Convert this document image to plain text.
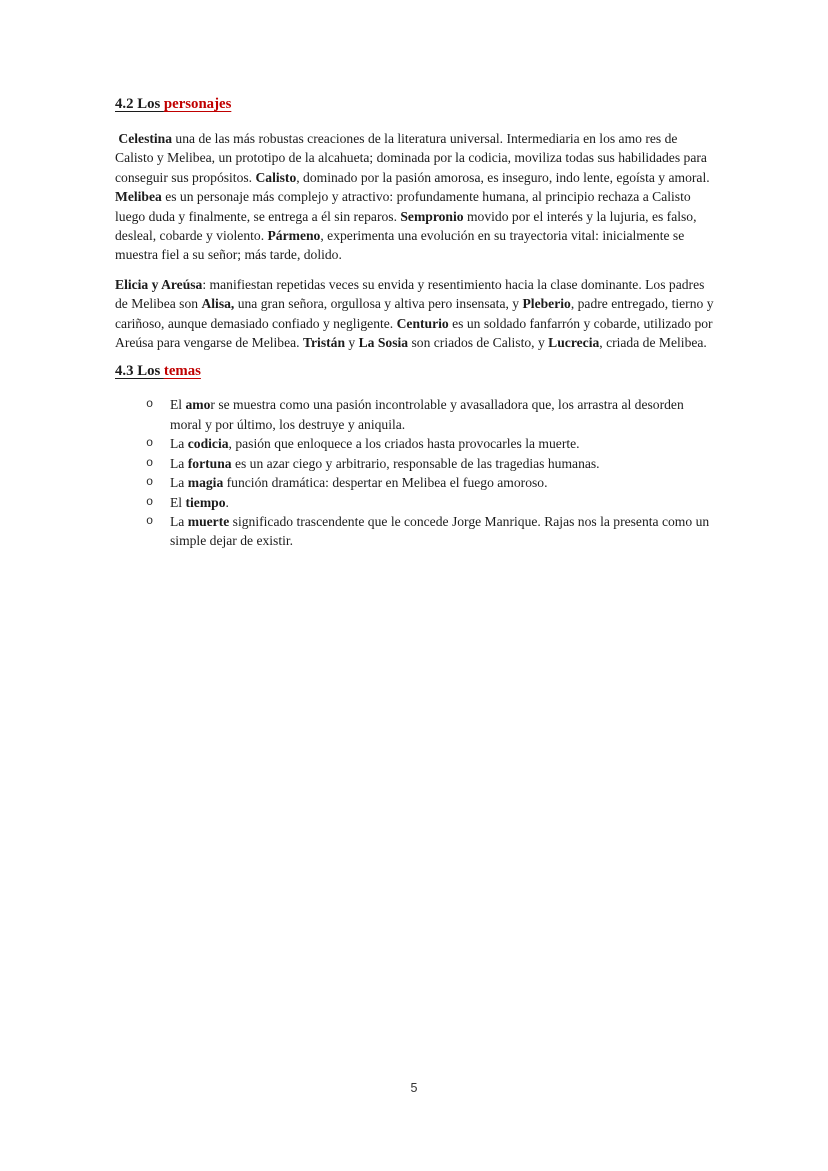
4.2 Los personajes

Celestina una de las más robustas creaciones de la literatura universal. Intermediaria en los amo res de Calisto y Melibea, un prototipo de la alcahueta; dominada por la codicia, moviliza todas sus habilidades para conseguir sus propósitos. Calisto, dominado por la pasión amorosa, es inseguro, indo lente, egoísta y amoral. Melibea es un personaje más complejo y atractivo: profundamente humana, al principio rechaza a Calisto luego duda y finalmente, se entrega a él sin reparos. Sempronio movido por el interés y la lujuria, es falso, desleal, cobarde y violento. Pármeno, experimenta una evolución en su trayectoria vital: inicialmente se muestra fiel a su señor; más tarde, dolido.

Elicia y Areúsa: manifiestan repetidas veces su envida y resentimiento hacia la clase dominante. Los padres de Melibea son Alisa, una gran señora, orgullosa y altiva pero insensata, y Pleberio, padre entregado, tierno y cariñoso, aunque demasiado confiado y negligente. Centurio es un soldado fanfarrón y cobarde, utilizado por Areúsa para vengarse de Melibea. Tristán y La Sosia son criados de Calisto, y Lucrecia, criada de Melibea.

4.3 Los temas
o	El amor se muestra como una pasión incontrolable y avasalladora que, los arrastra al desorden moral y por último, los destruye y aniquila.
o	La codicia, pasión que enloquece a los criados hasta provocarles la muerte.
o	La fortuna es un azar ciego y arbitrario, responsable de las tragedias humanas.
o	La magia función dramática: despertar en Melibea el fuego amoroso.
o	El tiempo.
o	La muerte significado trascendente que le concede Jorge Manrique. Rajas nos la presenta como un simple dejar de existir.
5
